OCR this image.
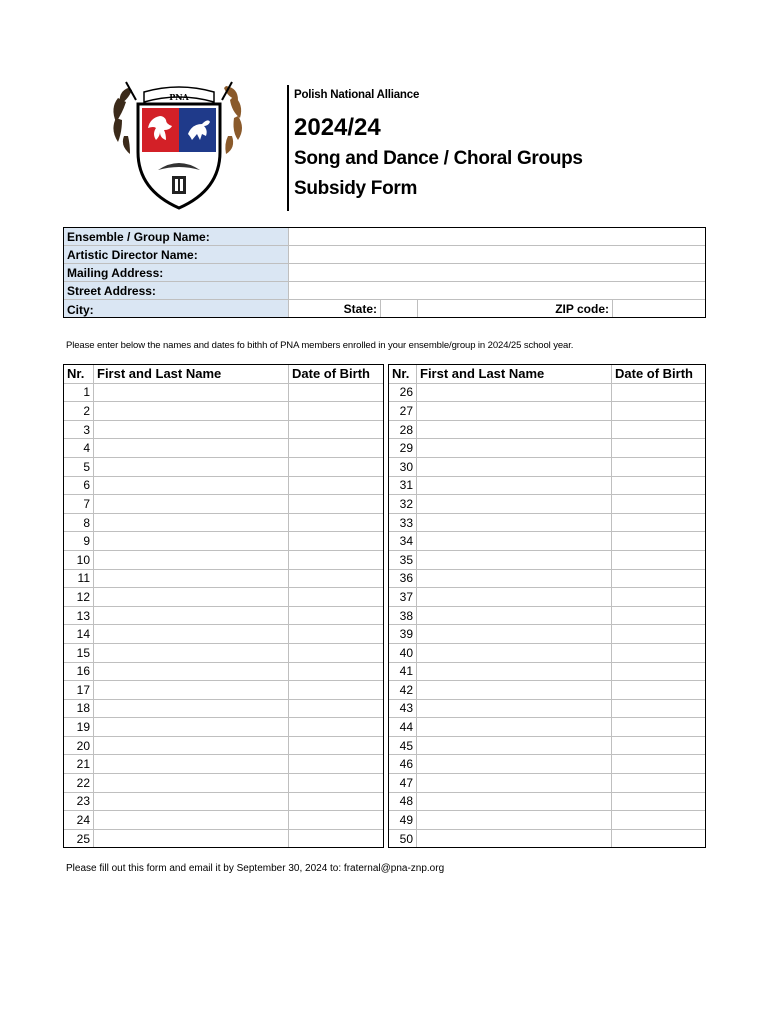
PNA	Polish National Alliance
2024/24
Song and Dance / Choral Groups
Subsidy Form
Ensemble / Group Name:				
Artistic Director Name:				
Mailing Address:				
Street Address:				
City:	State:		ZIP code:	
Please enter below the names and dates fo bithh of PNA members enrolled in your ensemble/group in 2024/25 school year.
Nr.	First and Last Name	Date of Birth
1		
2		
3		
4		
5		
6		
7		
8		
9		
10		
11		
12		
13		
14		
15		
16		
17		
18		
19		
20		
21		
22		
23		
24		
25		
Nr.	First and Last Name	Date of Birth
26		
27		
28		
29		
30		
31		
32		
33		
34		
35		
36		
37		
38		
39		
40		
41		
42		
43		
44		
45		
46		
47		
48		
49		
50		
Please fill out this form and email it by September 30, 2024 to: fraternal@pna-znp.org
